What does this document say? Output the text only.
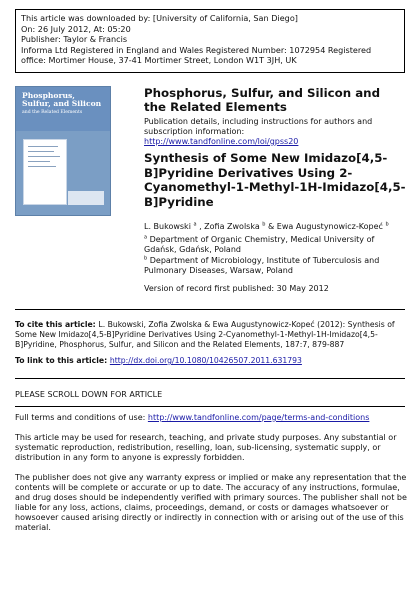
This article was downloaded by: [University of California, San Diego]
On: 26 July 2012, At: 05:20
Publisher: Taylor & Francis
Informa Ltd Registered in England and Wales Registered Number: 1072954 Registered
office: Mortimer House, 37-41 Mortimer Street, London W1T 3JH, UK
Phosphorus,
Sulfur, and Silicon
and the Related Elements
Phosphorus, Sulfur, and Silicon and the Related Elements
Publication details, including instructions for authors and subscription information:
http://www.tandfonline.com/loi/gpss20
Synthesis of Some New Imidazo[4,5-B]Pyridine Derivatives Using 2-Cyanomethyl-1-Methyl-1H-Imidazo[4,5-B]Pyridine
L. Bukowski $^a$ , Zofia Zwolska $^b$ & Ewa Augustynowicz-Kopeć $^b$
$^a$ Department of Organic Chemistry, Medical University of Gdańsk, Gdańsk, Poland
$^b$ Department of Microbiology, Institute of Tuberculosis and Pulmonary Diseases, Warsaw, Poland
Version of record first published: 30 May 2012
To cite this article: L. Bukowski, Zofia Zwolska & Ewa Augustynowicz-Kopeć (2012): Synthesis of Some New Imidazo[4,5-B]Pyridine Derivatives Using 2-Cyanomethyl-1-Methyl-1H-Imidazo[4,5-B]Pyridine, Phosphorus, Sulfur, and Silicon and the Related Elements, 187:7, 879-887
To link to this article: http://dx.doi.org/10.1080/10426507.2011.631793
PLEASE SCROLL DOWN FOR ARTICLE
Full terms and conditions of use: http://www.tandfonline.com/page/terms-and-conditions
This article may be used for research, teaching, and private study purposes. Any substantial or systematic reproduction, redistribution, reselling, loan, sub-licensing, systematic supply, or distribution in any form to anyone is expressly forbidden.
The publisher does not give any warranty express or implied or make any representation that the contents will be complete or accurate or up to date. The accuracy of any instructions, formulae, and drug doses should be independently verified with primary sources. The publisher shall not be liable for any loss, actions, claims, proceedings, demand, or costs or damages whatsoever or howsoever caused arising directly or indirectly in connection with or arising out of the use of this material.
